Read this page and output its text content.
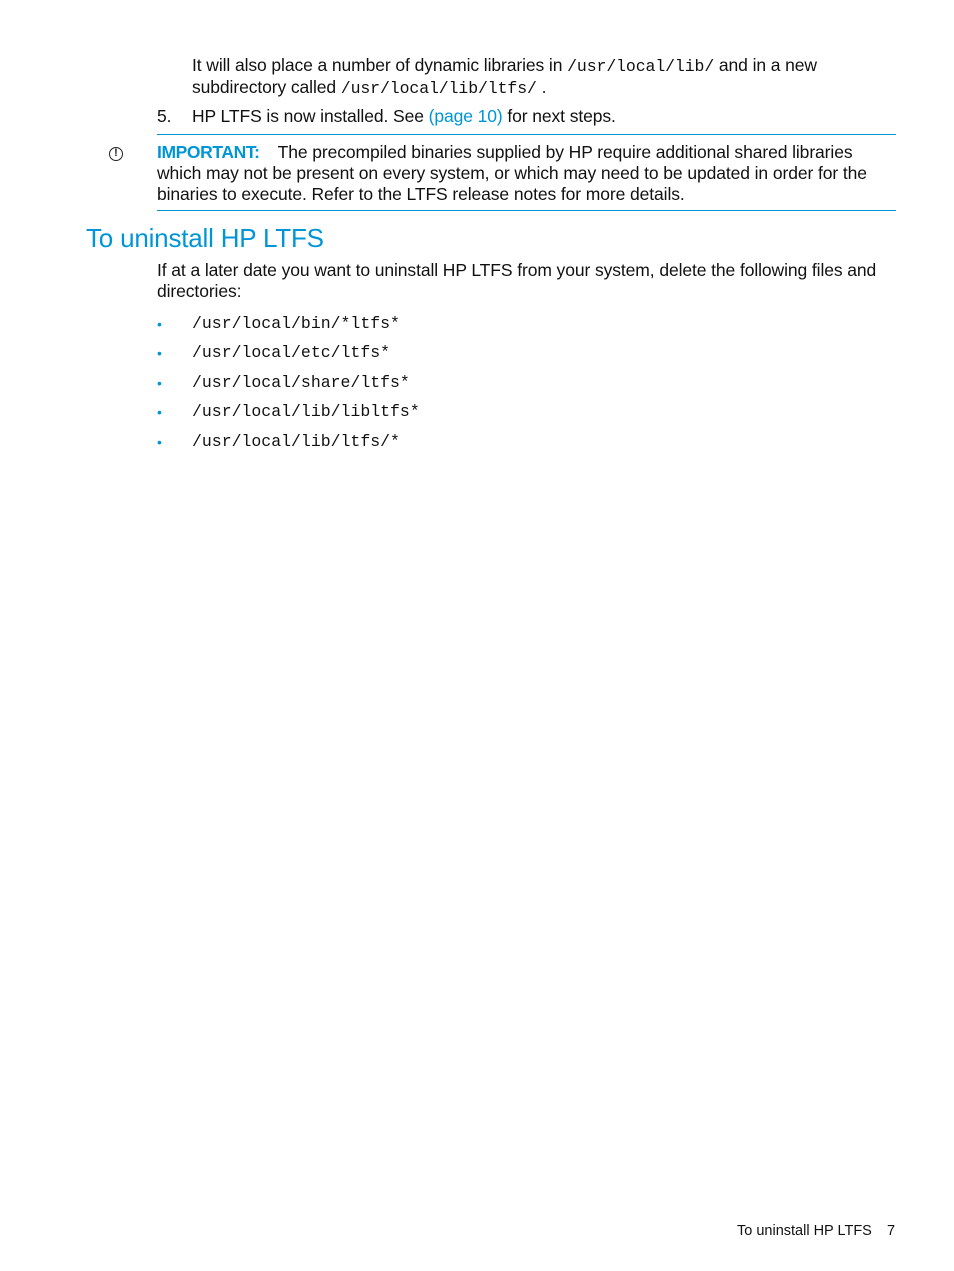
It will also place a number of dynamic libraries in /usr/local/lib/ and in a new subdirectory called /usr/local/lib/ltfs/ .
5. HP LTFS is now installed. See (page 10) for next steps.
! IMPORTANT: The precompiled binaries supplied by HP require additional shared libraries which may not be present on every system, or which may need to be updated in order for the binaries to execute. Refer to the LTFS release notes for more details.
To uninstall HP LTFS
If at a later date you want to uninstall HP LTFS from your system, delete the following files and directories:
•	/usr/local/bin/*ltfs*
•	/usr/local/etc/ltfs*
•	/usr/local/share/ltfs*
•	/usr/local/lib/libltfs*
•	/usr/local/lib/ltfs/*
To uninstall HP LTFS 7
